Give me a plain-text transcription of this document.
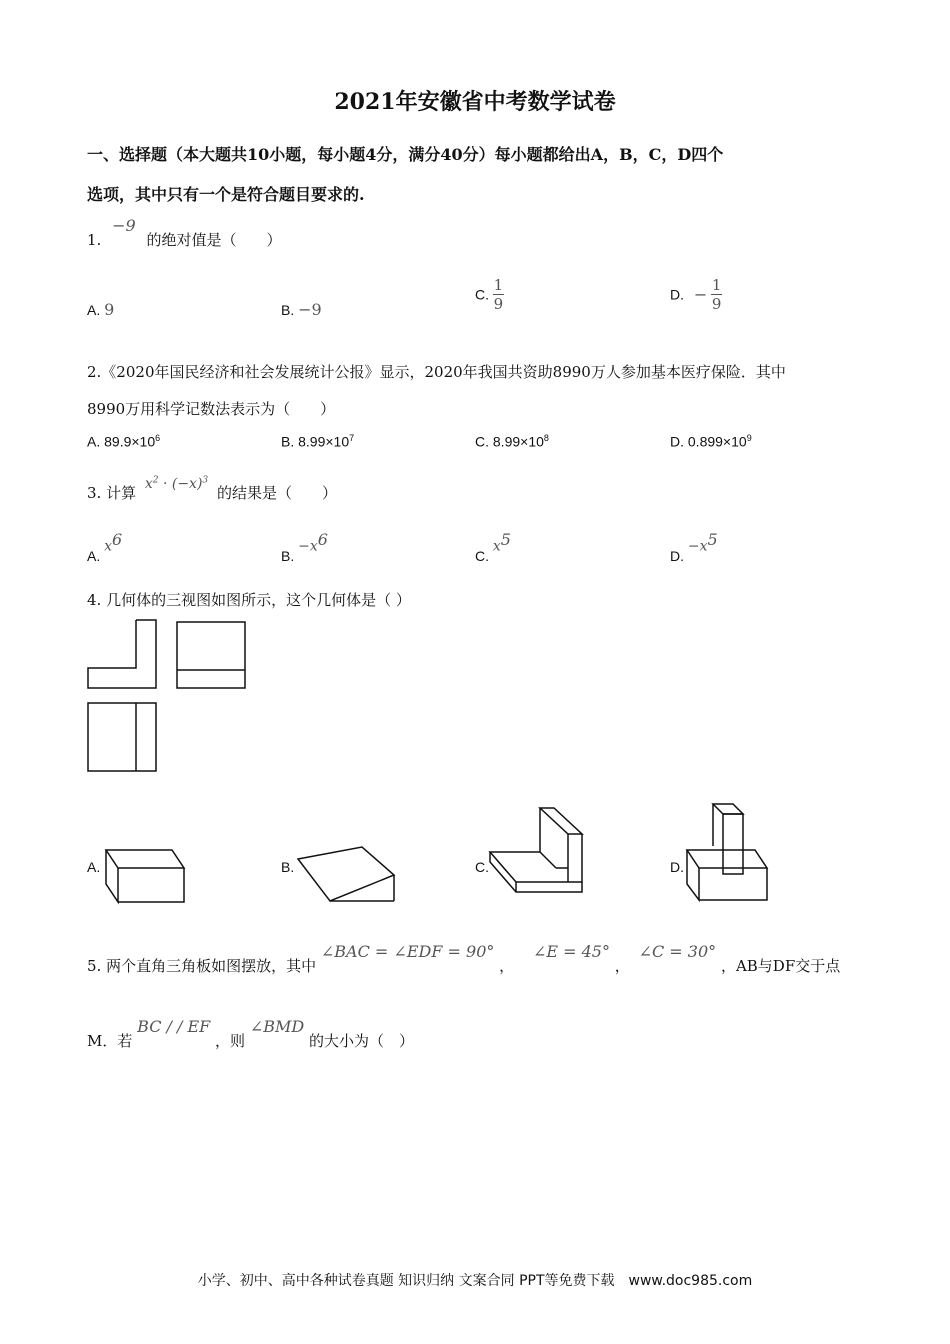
2021年安徽省中考数学试卷
一、选择题（本大题共10小题，每小题4分，满分40分）每小题都给出A，B，C，D四个
选项，其中只有一个是符合题目要求的.
1. −9 的绝对值是（　　）
A. 9	B. −9
C. $\frac{1}{9}$	D. − $\frac{1}{9}$
2.《2020年国民经济和社会发展统计公报》显示，2020年我国共资助8990万人参加基本医疗保险．其中
8990万用科学记数法表示为（　　）
A. $89.9\times 10^6$	B. $8.99\times 10^7$	C. $8.99\times 10^8$	D. $0.899\times 10^9$
3. 计算 $x^2 \cdot (-x)^3$ 的结果是（　　）
A. $x^6$
B. $-x^6$
C. $x^5$
D. $-x^5$
4. 几何体的三视图如图所示，这个几何体是（ ）
A.	B.	C.	D.
5. 两个直角三角板如图摆放，其中 ∠BAC = ∠EDF = 90° ， ∠E = 45° ， ∠C = 30° ，AB与DF交于点
M．若 BC / / EF ，则 ∠BMD 的大小为（　）
小学、初中、高中各种试卷真题 知识归纳 文案合同 PPT等免费下载　www.doc985.com
